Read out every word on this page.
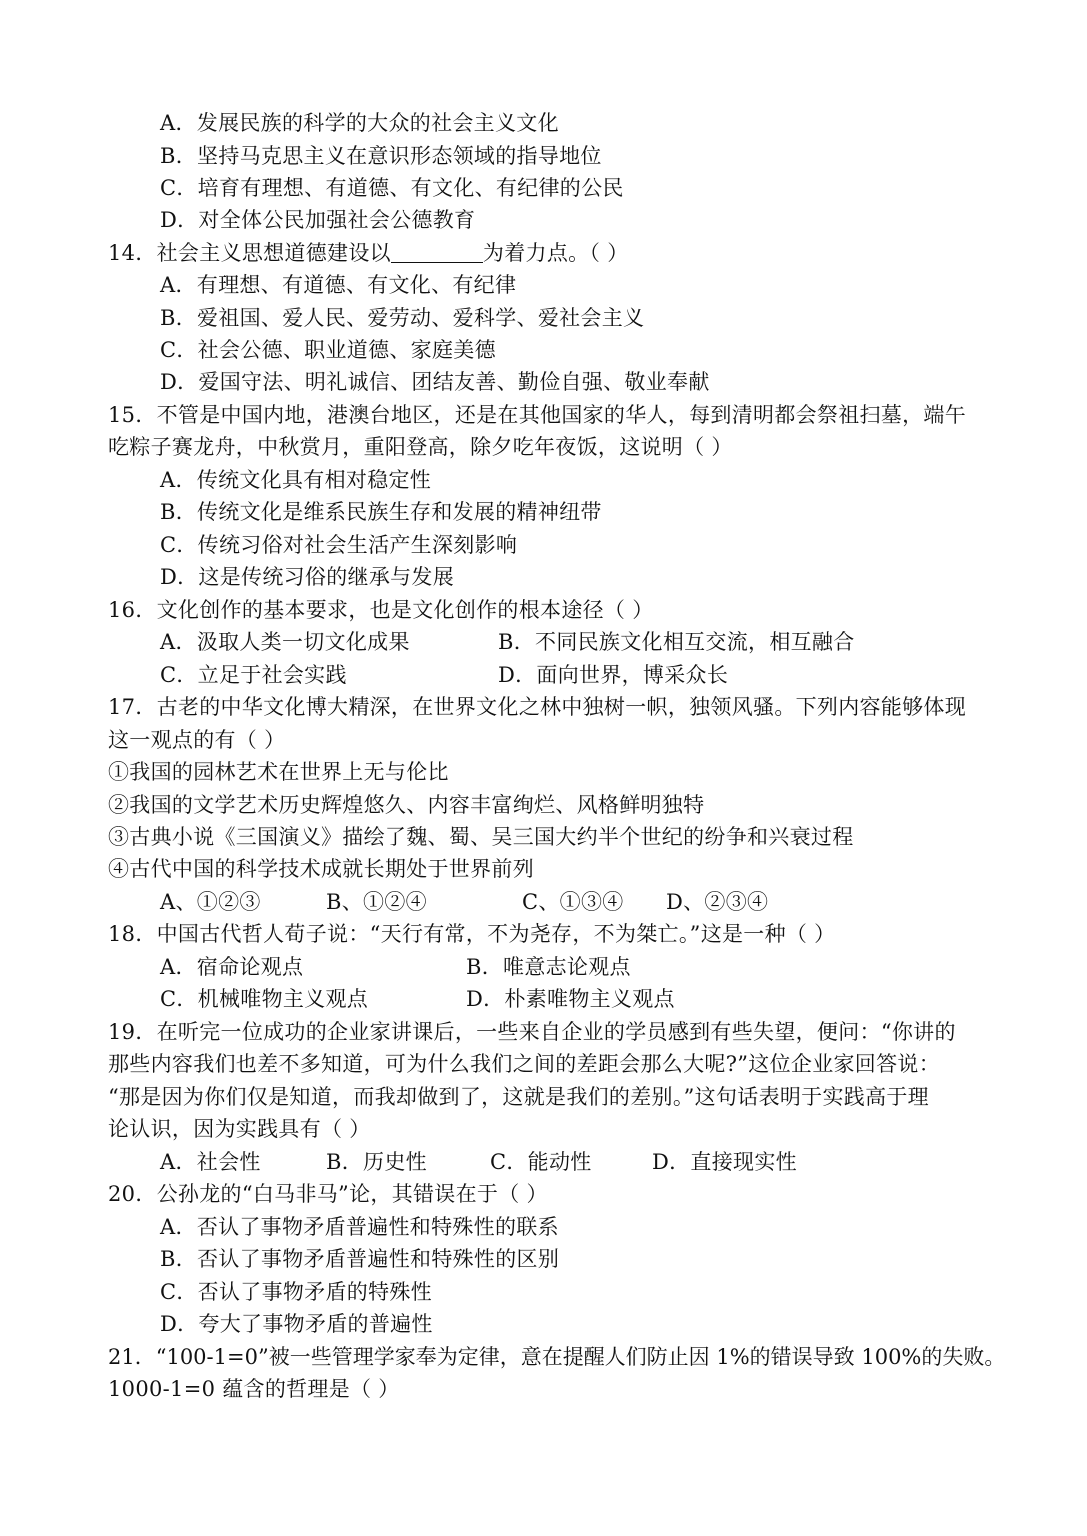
A．发展民族的科学的大众的社会主义文化
B．坚持马克思主义在意识形态领域的指导地位
C．培育有理想、有道德、有文化、有纪律的公民
D．对全体公民加强社会公德教育
14．社会主义思想道德建设以	为着力点。（ ）
A．有理想、有道德、有文化、有纪律
B．爱祖国、爱人民、爱劳动、爱科学、爱社会主义
C．社会公德、职业道德、家庭美德
D．爱国守法、明礼诚信、团结友善、勤俭自强、敬业奉献
15．不管是中国内地，港澳台地区，还是在其他国家的华人，每到清明都会祭祖扫墓，端午
吃粽子赛龙舟，中秋赏月，重阳登高，除夕吃年夜饭，这说明（ ）
A．传统文化具有相对稳定性
B．传统文化是维系民族生存和发展的精神纽带
C．传统习俗对社会生活产生深刻影响
D．这是传统习俗的继承与发展
16．文化创作的基本要求，也是文化创作的根本途径（ ）
A．汲取人类一切文化成果	B．不同民族文化相互交流，相互融合
C．立足于社会实践	D．面向世界，博采众长
17．古老的中华文化博大精深，在世界文化之林中独树一帜，独领风骚。下列内容能够体现
这一观点的有（ ）
①我国的园林艺术在世界上无与伦比
②我国的文学艺术历史辉煌悠久、内容丰富绚烂、风格鲜明独特
③古典小说《三国演义》描绘了魏、蜀、吴三国大约半个世纪的纷争和兴衰过程
④古代中国的科学技术成就长期处于世界前列
A、①②③	B、①②④	C、①③④ D、②③④
18．中国古代哲人荀子说：“天行有常，不为尧存，不为桀亡。”这是一种（ ）
A．宿命论观点	B．唯意志论观点
C．机械唯物主义观点	D．朴素唯物主义观点
19．在听完一位成功的企业家讲课后，一些来自企业的学员感到有些失望，便问：“你讲的
那些内容我们也差不多知道，可为什么我们之间的差距会那么大呢?”这位企业家回答说：
“那是因为你们仅是知道，而我却做到了，这就是我们的差别。”这句话表明于实践高于理
论认识，因为实践具有（ ）
A．社会性	B．历史性	C．能动性	D．直接现实性
20．公孙龙的“白马非马”论，其错误在于（ ）
A．否认了事物矛盾普遍性和特殊性的联系
B．否认了事物矛盾普遍性和特殊性的区别
C．否认了事物矛盾的特殊性
D．夸大了事物矛盾的普遍性
21．“100-1=0”被一些管理学家奉为定律，意在提醒人们防止因 1%的错误导致 100%的失败。
1000-1=0 蕴含的哲理是（ ）
